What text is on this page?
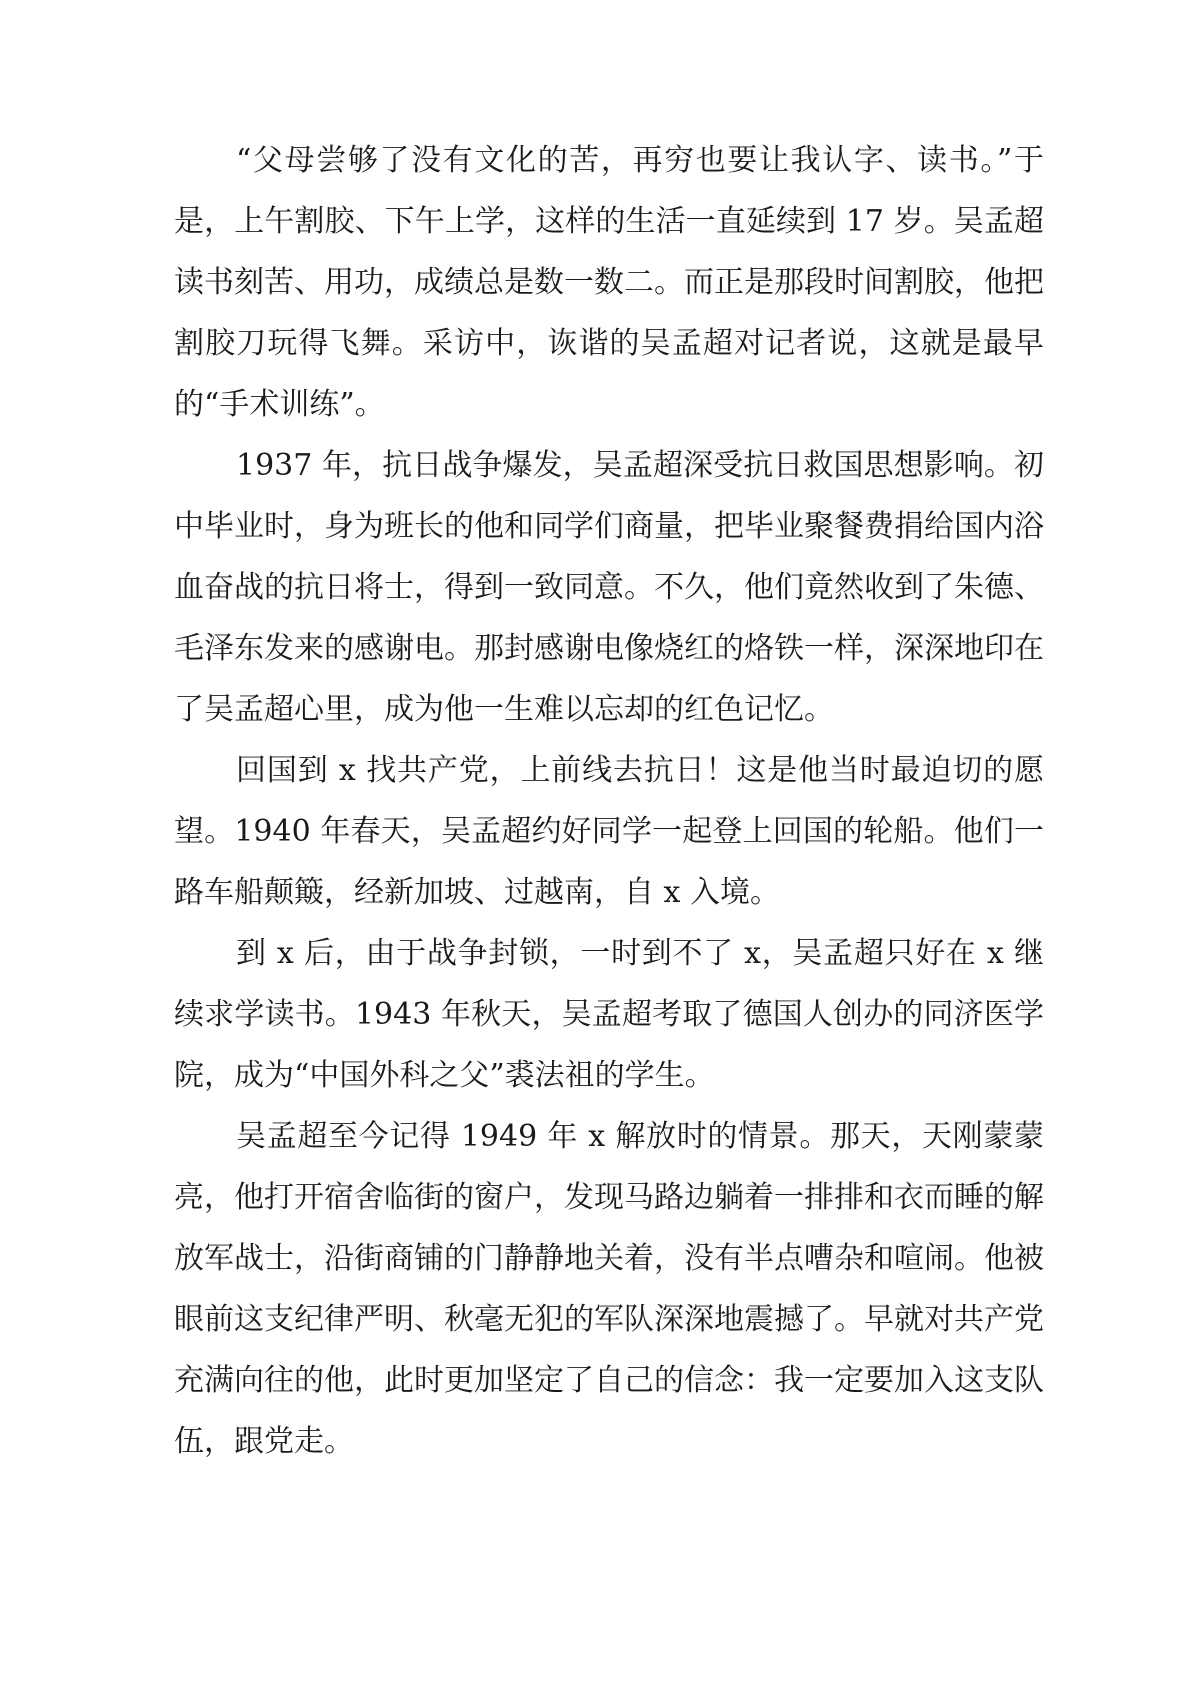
“父母尝够了没有文化的苦，再穷也要让我认字、读书。”于是，上午割胶、下午上学，这样的生活一直延续到 17 岁。吴孟超读书刻苦、用功，成绩总是数一数二。而正是那段时间割胶，他把割胶刀玩得飞舞。采访中，诙谐的吴孟超对记者说，这就是最早的“手术训练”。

1937 年，抗日战争爆发，吴孟超深受抗日救国思想影响。初中毕业时，身为班长的他和同学们商量，把毕业聚餐费捐给国内浴血奋战的抗日将士，得到一致同意。不久，他们竟然收到了朱德、毛泽东发来的感谢电。那封感谢电像烧红的烙铁一样，深深地印在了吴孟超心里，成为他一生难以忘却的红色记忆。

回国到 x 找共产党，上前线去抗日！这是他当时最迫切的愿望。1940 年春天，吴孟超约好同学一起登上回国的轮船。他们一路车船颠簸，经新加坡、过越南，自 x 入境。

到 x 后，由于战争封锁，一时到不了 x，吴孟超只好在 x 继续求学读书。1943 年秋天，吴孟超考取了德国人创办的同济医学院，成为“中国外科之父”裘法祖的学生。

吴孟超至今记得 1949 年 x 解放时的情景。那天，天刚蒙蒙亮，他打开宿舍临街的窗户，发现马路边躺着一排排和衣而睡的解放军战士，沿街商铺的门静静地关着，没有半点嘈杂和喧闹。他被眼前这支纪律严明、秋毫无犯的军队深深地震撼了。早就对共产党充满向往的他，此时更加坚定了自己的信念：我一定要加入这支队伍，跟党走。
